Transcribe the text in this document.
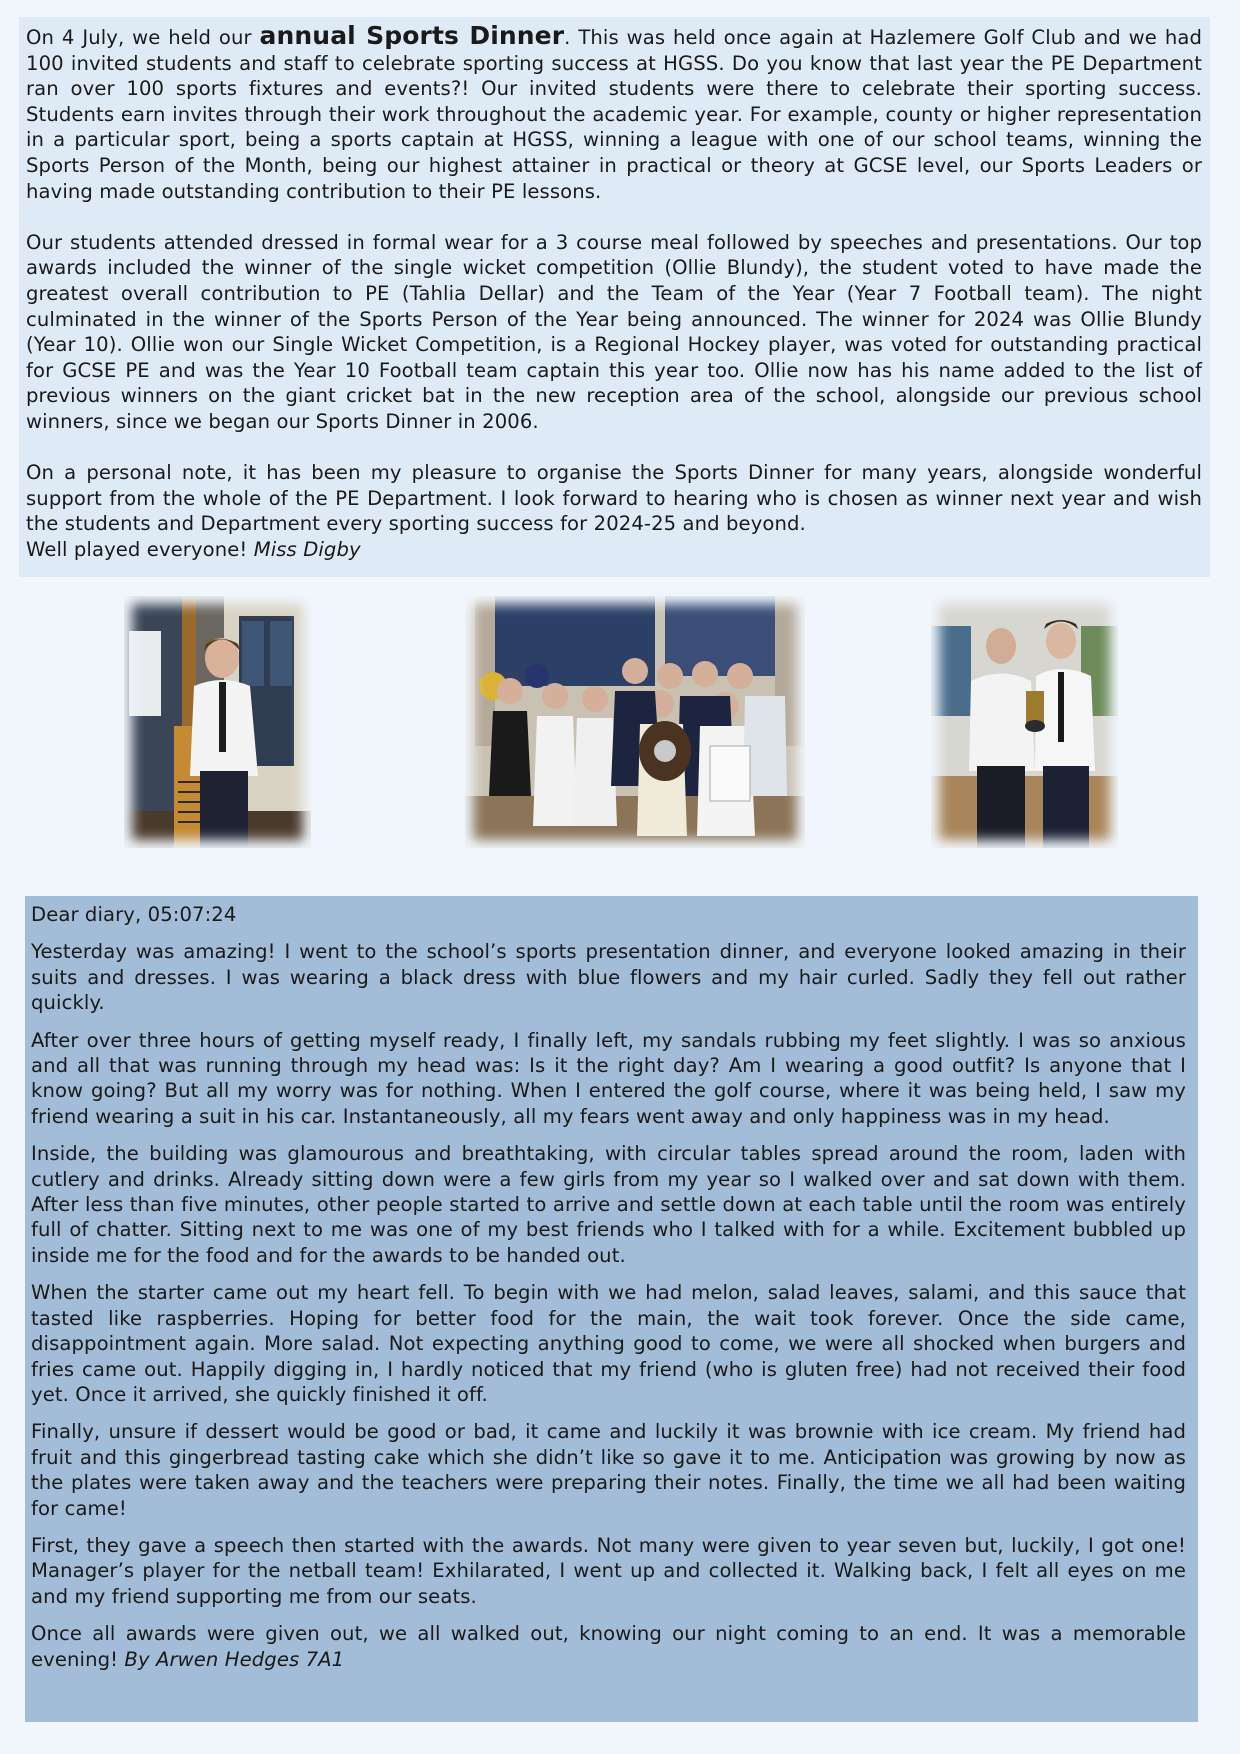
On 4 July, we held our annual Sports Dinner. This was held once again at Hazlemere Golf Club and we had 100 invited students and staff to celebrate sporting success at HGSS. Do you know that last year the PE Department ran over 100 sports fixtures and events?! Our invited students were there to celebrate their sporting success. Students earn invites through their work throughout the academic year. For example, county or higher representation in a particular sport, being a sports captain at HGSS, winning a league with one of our school teams, winning the Sports Person of the Month, being our highest attainer in practical or theory at GCSE level, our Sports Leaders or having made outstanding contribution to their PE lessons.

Our students attended dressed in formal wear for a 3 course meal followed by speeches and presentations. Our top awards included the winner of the single wicket competition (Ollie Blundy), the student voted to have made the greatest overall contribution to PE (Tahlia Dellar) and the Team of the Year (Year 7 Football team). The night culminated in the winner of the Sports Person of the Year being announced. The winner for 2024 was Ollie Blundy (Year 10). Ollie won our Single Wicket Competition, is a Regional Hockey player, was voted for outstanding practical for GCSE PE and was the Year 10 Football team captain this year too. Ollie now has his name added to the list of previous winners on the giant cricket bat in the new reception area of the school, alongside our previous school winners, since we began our Sports Dinner in 2006.

On a personal note, it has been my pleasure to organise the Sports Dinner for many years, alongside wonderful support from the whole of the PE Department. I look forward to hearing who is chosen as winner next year and wish the students and Department every sporting success for 2024-25 and beyond.

Well played everyone! Miss Digby

Dear diary, 05:07:24

Yesterday was amazing! I went to the school’s sports presentation dinner, and everyone looked amazing in their suits and dresses. I was wearing a black dress with blue flowers and my hair curled. Sadly they fell out rather quickly.

After over three hours of getting myself ready, I finally left, my sandals rubbing my feet slightly. I was so anxious and all that was running through my head was: Is it the right day? Am I wearing a good outfit? Is anyone that I know going? But all my worry was for nothing. When I entered the golf course, where it was being held, I saw my friend wearing a suit in his car. Instantaneously, all my fears went away and only happiness was in my head.

Inside, the building was glamourous and breathtaking, with circular tables spread around the room, laden with cutlery and drinks. Already sitting down were a few girls from my year so I walked over and sat down with them. After less than five minutes, other people started to arrive and settle down at each table until the room was entirely full of chatter. Sitting next to me was one of my best friends who I talked with for a while. Excitement bubbled up inside me for the food and for the awards to be handed out.

When the starter came out my heart fell. To begin with we had melon, salad leaves, salami, and this sauce that tasted like raspberries. Hoping for better food for the main, the wait took forever. Once the side came, disappointment again. More salad. Not expecting anything good to come, we were all shocked when burgers and fries came out. Happily digging in, I hardly noticed that my friend (who is gluten free) had not received their food yet. Once it arrived, she quickly finished it off.

Finally, unsure if dessert would be good or bad, it came and luckily it was brownie with ice cream. My friend had fruit and this gingerbread tasting cake which she didn’t like so gave it to me. Anticipation was growing by now as the plates were taken away and the teachers were preparing their notes. Finally, the time we all had been waiting for came!

First, they gave a speech then started with the awards. Not many were given to year seven but, luckily, I got one! Manager’s player for the netball team! Exhilarated, I went up and collected it. Walking back, I felt all eyes on me and my friend supporting me from our seats.

Once all awards were given out, we all walked out, knowing our night coming to an end. It was a memorable evening! By Arwen Hedges 7A1
